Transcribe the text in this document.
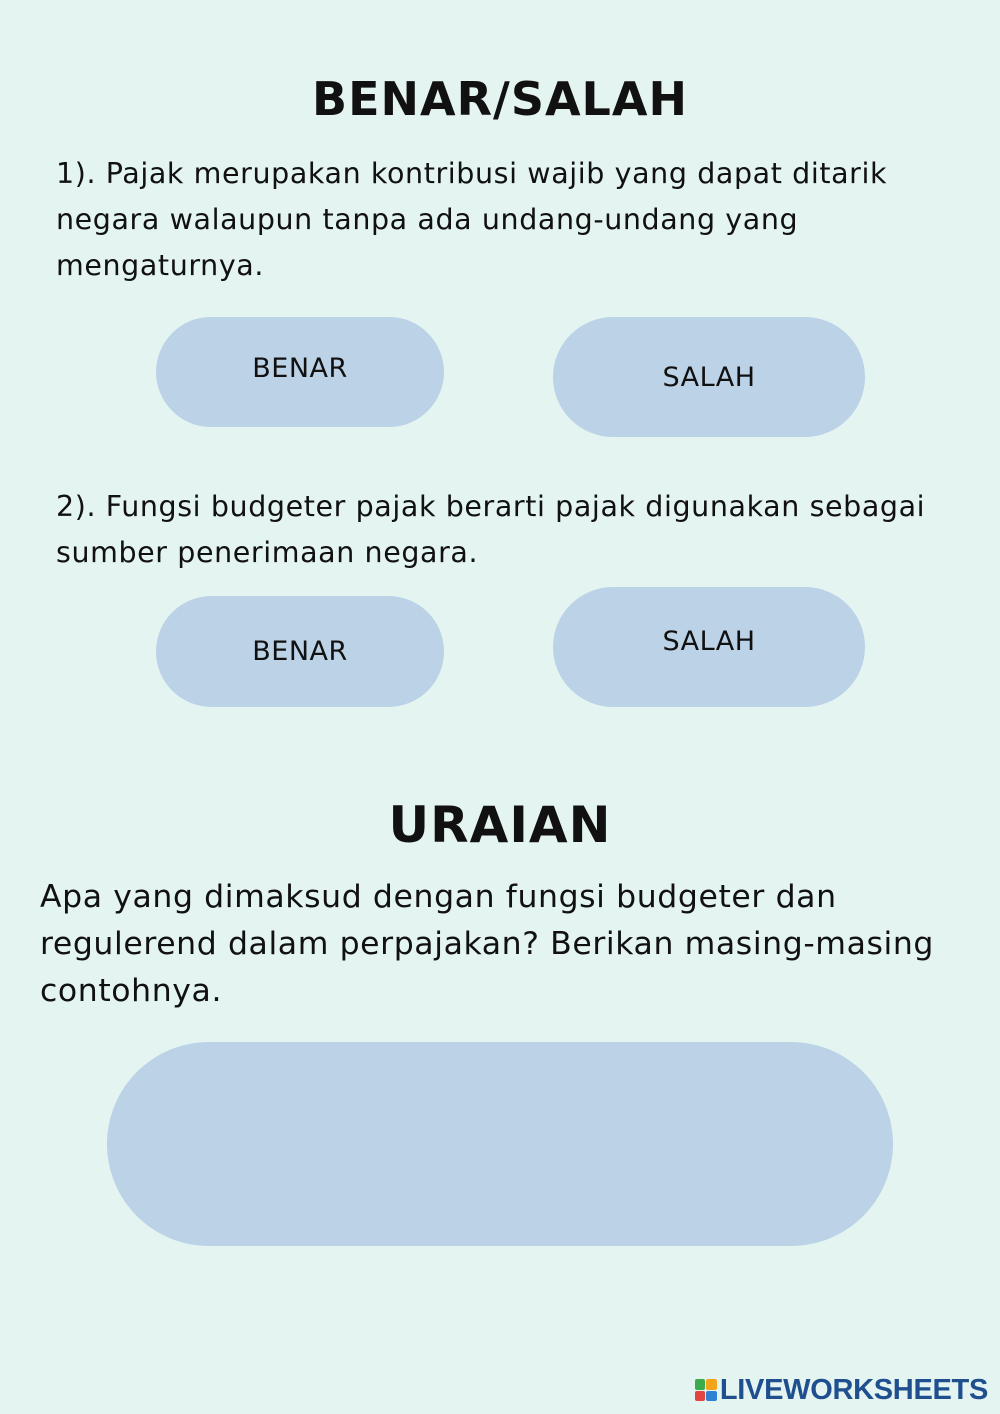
BENAR/SALAH

1). Pajak merupakan kontribusi wajib yang dapat ditarik negara walaupun tanpa ada undang-undang yang mengaturnya.

BENAR	SALAH

2). Fungsi budgeter pajak berarti pajak digunakan sebagai sumber penerimaan negara.

BENAR	SALAH
URAIAN

Apa yang dimaksud dengan fungsi budgeter dan regulerend dalam perpajakan? Berikan masing-masing contohnya.

LIVEWORKSHEETS
